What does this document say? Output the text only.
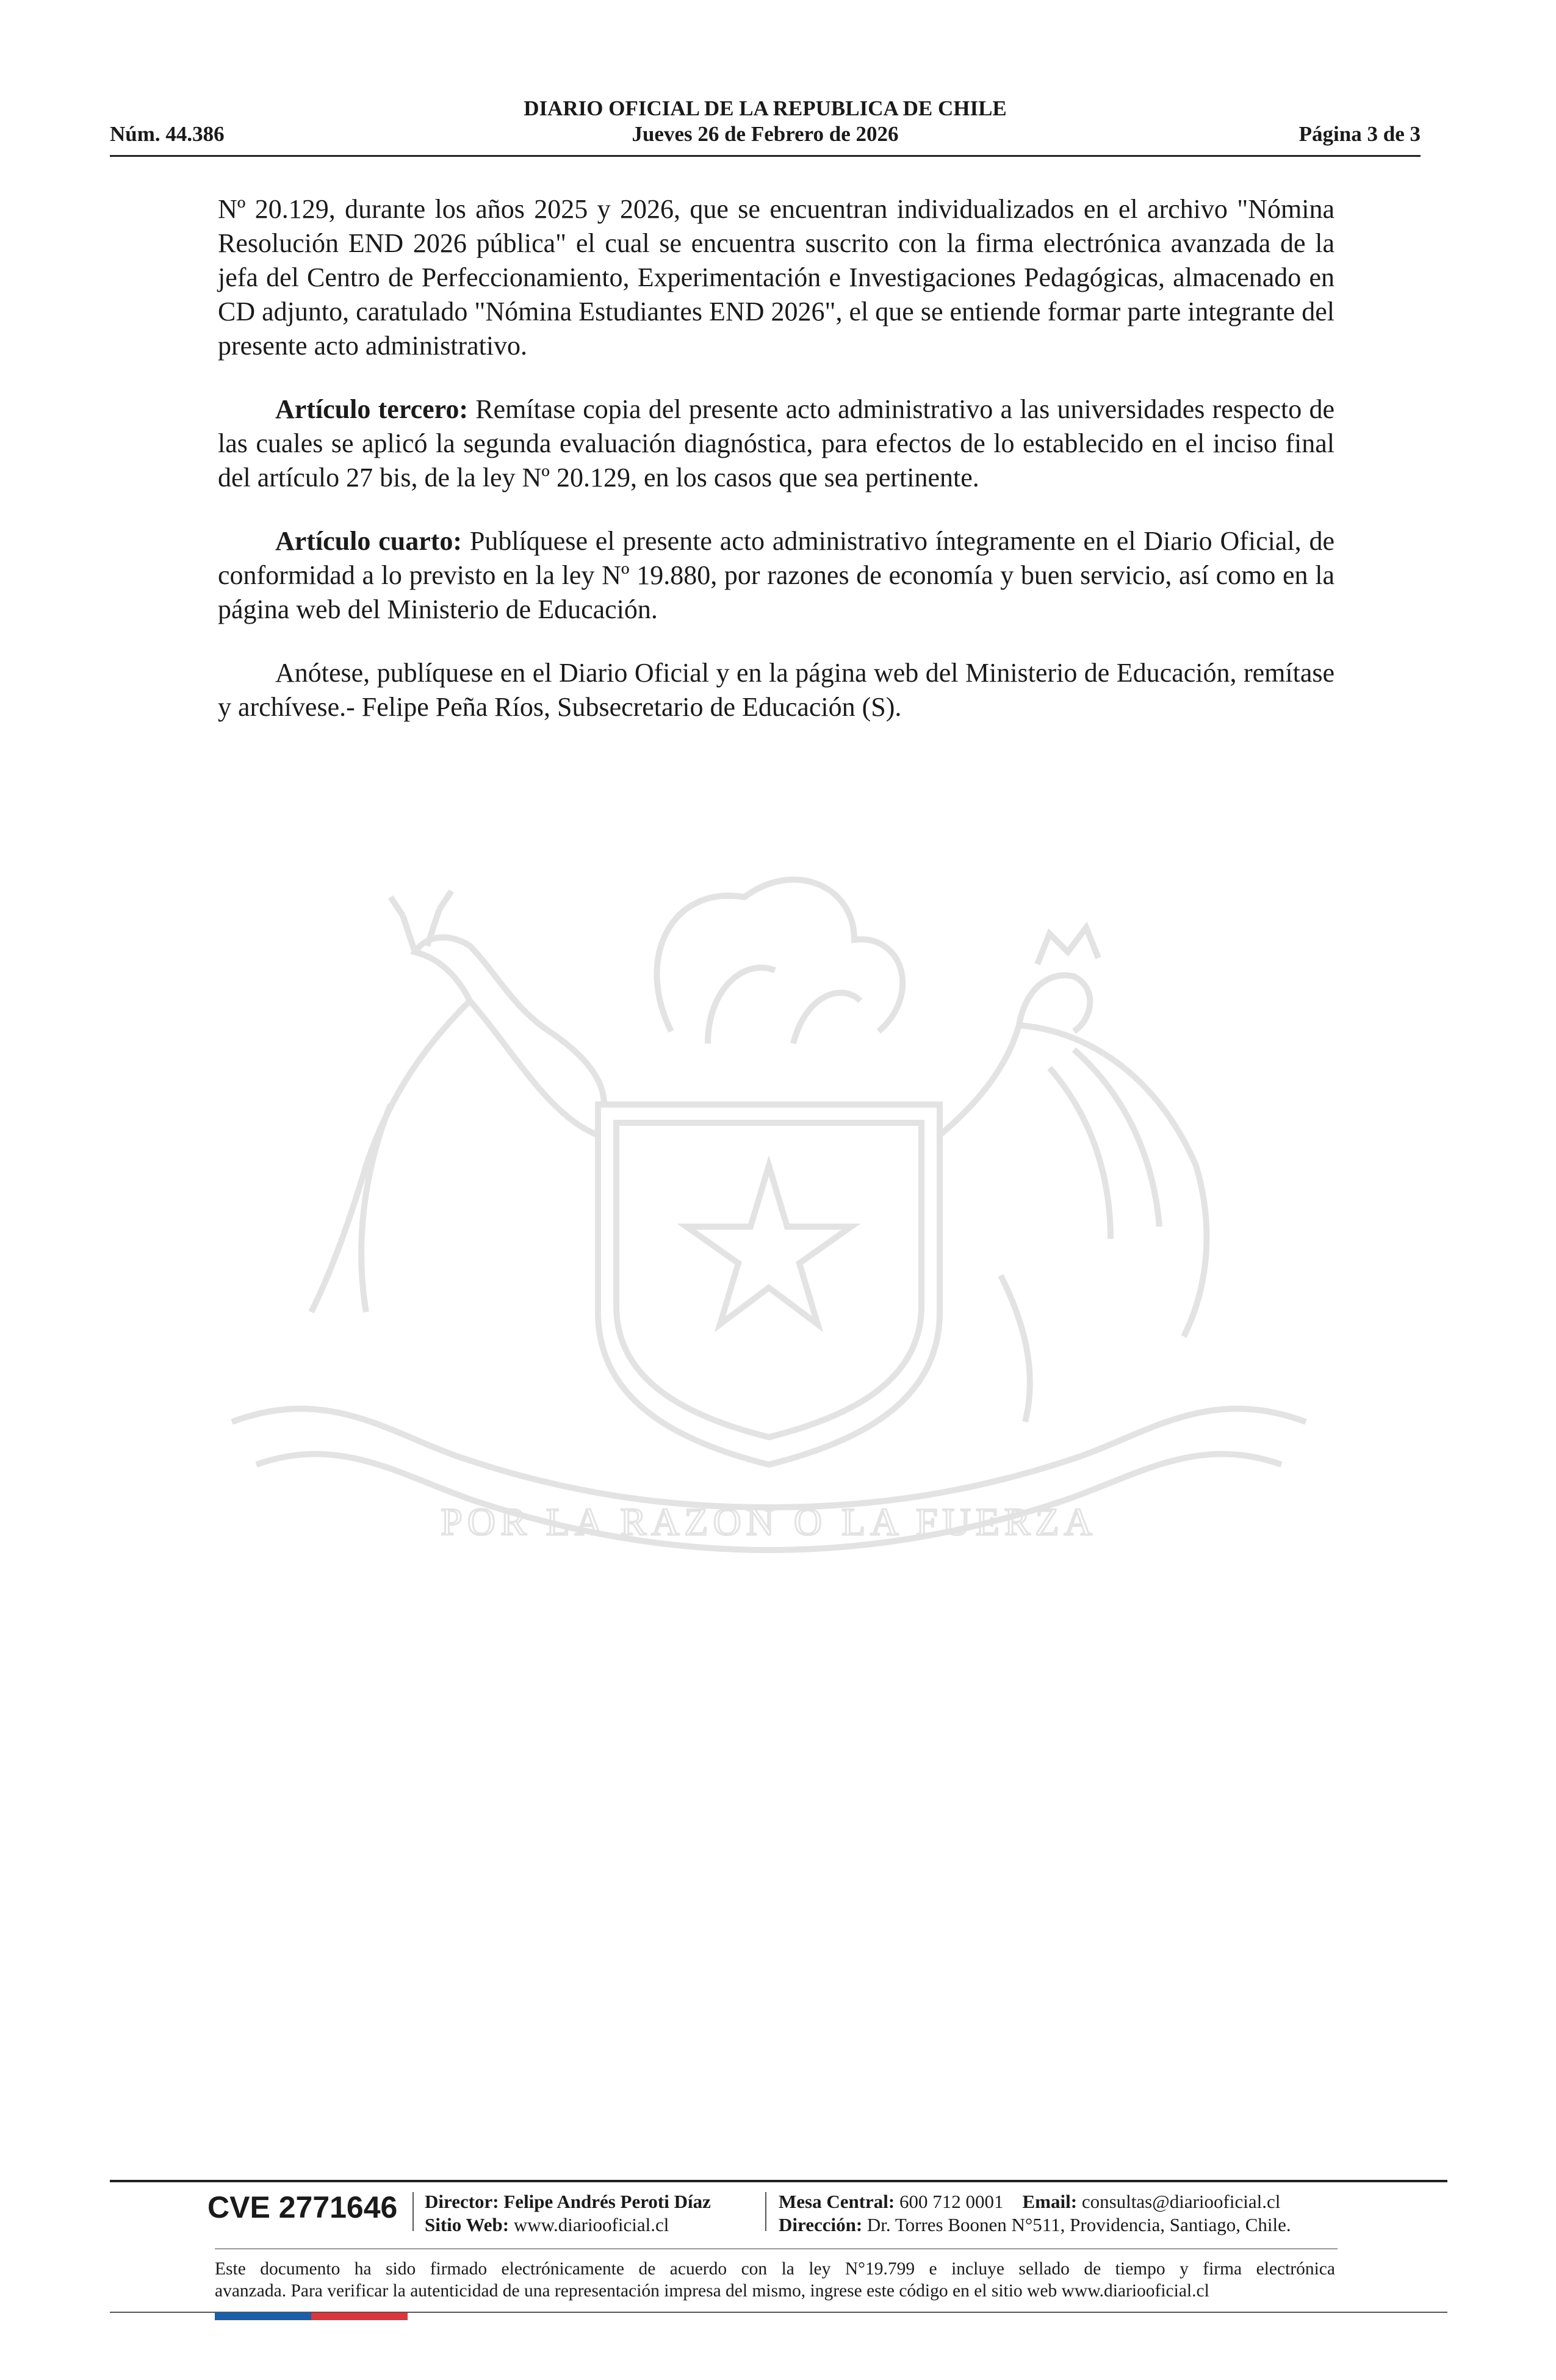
DIARIO OFICIAL DE LA REPUBLICA DE CHILE
Núm. 44.386	Jueves 26 de Febrero de 2026	Página 3 de 3
POR LA RAZON O LA FUERZA

Nº 20.129, durante los años 2025 y 2026, que se encuentran individualizados en el archivo "Nómina Resolución END 2026 pública" el cual se encuentra suscrito con la firma electrónica avanzada de la jefa del Centro de Perfeccionamiento, Experimentación e Investigaciones Pedagógicas, almacenado en CD adjunto, caratulado "Nómina Estudiantes END 2026", el que se entiende formar parte integrante del presente acto administrativo.

Artículo tercero: Remítase copia del presente acto administrativo a las universidades respecto de las cuales se aplicó la segunda evaluación diagnóstica, para efectos de lo establecido en el inciso final del artículo 27 bis, de la ley Nº 20.129, en los casos que sea pertinente.

Artículo cuarto: Publíquese el presente acto administrativo íntegramente en el Diario Oficial, de conformidad a lo previsto en la ley Nº 19.880, por razones de economía y buen servicio, así como en la página web del Ministerio de Educación.

Anótese, publíquese en el Diario Oficial y en la página web del Ministerio de Educación, remítase y archívese.- Felipe Peña Ríos, Subsecretario de Educación (S).

CVE 2771646 Director: Felipe Andrés Peroti Díaz
Sitio Web: www.diariooficial.cl
Mesa Central: 600 712 0001 Email: consultas@diariooficial.cl
Dirección: Dr. Torres Boonen N°511, Providencia, Santiago, Chile.
Este documento ha sido firmado electrónicamente de acuerdo con la ley N°19.799 e incluye sellado de tiempo y firma electrónica
avanzada. Para verificar la autenticidad de una representación impresa del mismo, ingrese este código en el sitio web www.diariooficial.cl
